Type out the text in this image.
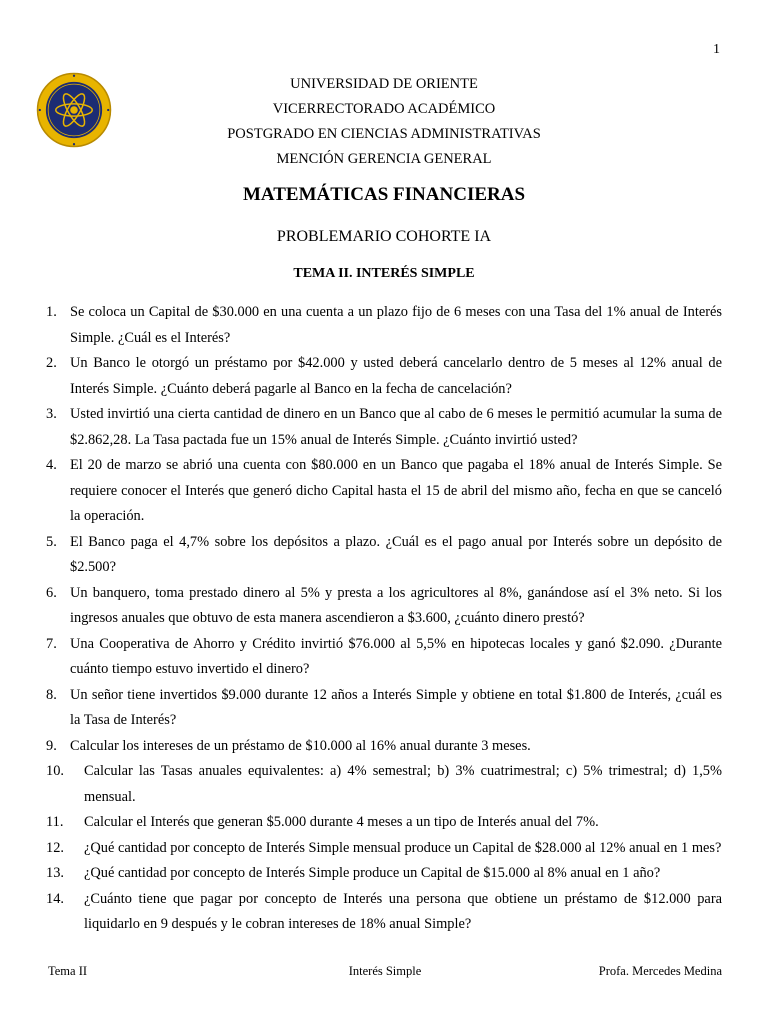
1
UNIVERSIDAD DE ORIENTE
VICERRECTORADO ACADÉMICO
POSTGRADO EN CIENCIAS ADMINISTRATIVAS
MENCIÓN GERENCIA GENERAL
MATEMÁTICAS FINANCIERAS
PROBLEMARIO COHORTE IA
TEMA II. INTERÉS SIMPLE
1. Se coloca un Capital de $30.000 en una cuenta a un plazo fijo de 6 meses con una Tasa del 1% anual de Interés Simple. ¿Cuál es el Interés?
2. Un Banco le otorgó un préstamo por $42.000 y usted deberá cancelarlo dentro de 5 meses al 12% anual de Interés Simple. ¿Cuánto deberá pagarle al Banco en la fecha de cancelación?
3. Usted invirtió una cierta cantidad de dinero en un Banco que al cabo de 6 meses le permitió acumular la suma de $2.862,28. La Tasa pactada fue un 15% anual de Interés Simple. ¿Cuánto invirtió usted?
4. El 20 de marzo se abrió una cuenta con $80.000 en un Banco que pagaba el 18% anual de Interés Simple. Se requiere conocer el Interés que generó dicho Capital hasta el 15 de abril del mismo año, fecha en que se canceló la operación.
5. El Banco paga el 4,7% sobre los depósitos a plazo. ¿Cuál es el pago anual por Interés sobre un depósito de $2.500?
6. Un banquero, toma prestado dinero al 5% y presta a los agricultores al 8%, ganándose así el 3% neto. Si los ingresos anuales que obtuvo de esta manera ascendieron a $3.600, ¿cuánto dinero prestó?
7. Una Cooperativa de Ahorro y Crédito invirtió $76.000 al 5,5% en hipotecas locales y ganó $2.090. ¿Durante cuánto tiempo estuvo invertido el dinero?
8. Un señor tiene invertidos $9.000 durante 12 años a Interés Simple y obtiene en total $1.800 de Interés, ¿cuál es la Tasa de Interés?
9. Calcular los intereses de un préstamo de $10.000 al 16% anual durante 3 meses.
10.	Calcular las Tasas anuales equivalentes: a) 4% semestral; b) 3% cuatrimestral; c) 5% trimestral; d) 1,5% mensual.
11.	Calcular el Interés que generan $5.000 durante 4 meses a un tipo de Interés anual del 7%.
12.	¿Qué cantidad por concepto de Interés Simple mensual produce un Capital de $28.000 al 12% anual en 1 mes?
13.	¿Qué cantidad por concepto de Interés Simple produce un Capital de $15.000 al 8% anual en 1 año?
14.	¿Cuánto tiene que pagar por concepto de Interés una persona que obtiene un préstamo de $12.000 para liquidarlo en 9 después y le cobran intereses de 18% anual Simple?
Tema II	Interés Simple	Profa. Mercedes Medina
